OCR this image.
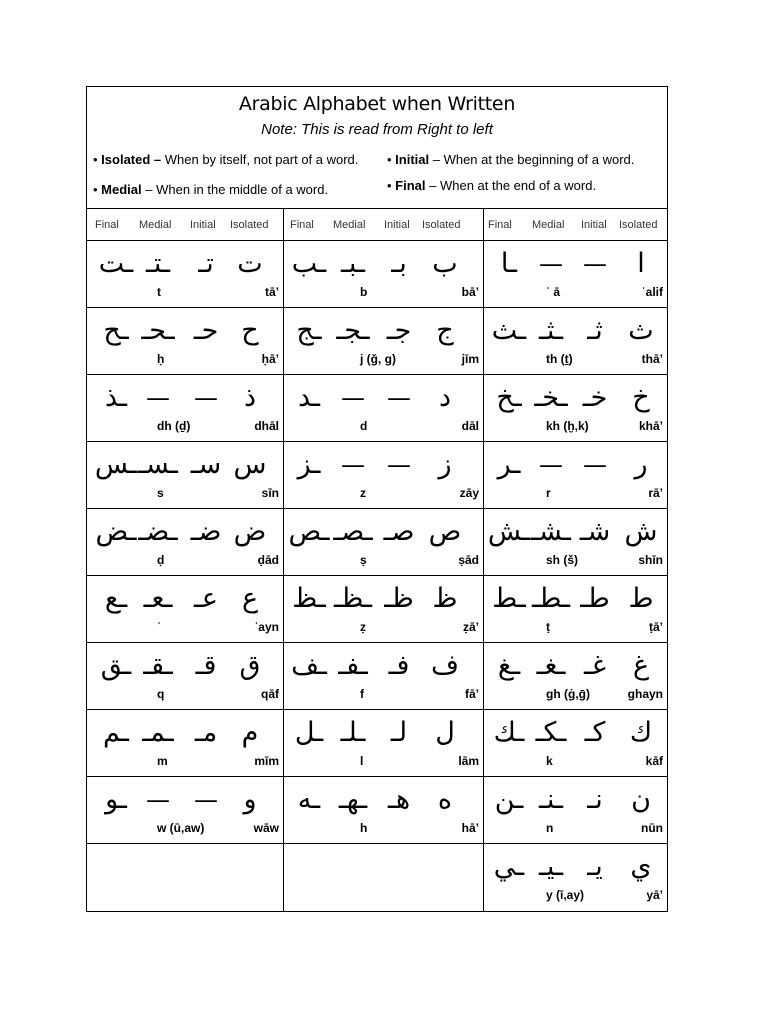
Arabic Alphabet when Written
Note: This is read from Right to left
• Isolated – When by itself, not part of a word. • Initial – When at the beginning of a word.
• Medial – When in the middle of a word.	• Final – When at the end of a word.
Final Medial Initial Isolated
ـت ـتـ	تـ ت
t	tāʼ
ـح ـحـ حـ ح
ḥ	ḥāʼ
ـذ —	— ذ
dh (ḏ)	dhāl
ـس ـسـ سـ س
s	sīn
ـض ـضـ ضـ ض
ḍ	ḍād
ـع ـعـ عـ ع
ʿ	ʿayn
ـق ـقـ قـ ق
q	qāf
ـم ـمـ مـ م
m	mīm
ـو —	— و
w (ū,aw)	wāw
Final Medial Initial Isolated
ـب ـبـ بـ ب
b	bāʼ
ـج ـجـ جـ ج
j (ǧ, g)	jīm
ـد — —	د
d	dāl
ـز — —	ز
z	zāy
ـص ـصـ صـ ص
ṣ	ṣād
ـظ ـظـ ظـ ظ
ẓ	ẓāʼ
ـف ـفـ فـ ف
f	fāʼ
ـل ـلـ لـ	ل
l	lām
ـه ـهـ هـ	ه
h	hāʼ
Final Medial Initial Isolated
ـا — —	ا
ʾ ā	ʾalif
ـث ـثـ ثـ ث
th (ṯ)	thāʼ
ـخ ـخـ خـ خ
kh (ḫ,k)	khāʼ
ـر — —	ر
r	rāʼ
ـش ـشـ شـ ش
sh (š)	shīn
ـط ـطـ طـ ط
ṭ	ṭāʼ
ـغ ـغـ غـ غ
gh (ġ,ḡ)	ghayn
ـك ـكـ كـ ك
k	kāf
ـن ـنـ نـ	ن
n	nūn
ـي ـيـ يـ	ي
y (ī,ay)	yāʼ
